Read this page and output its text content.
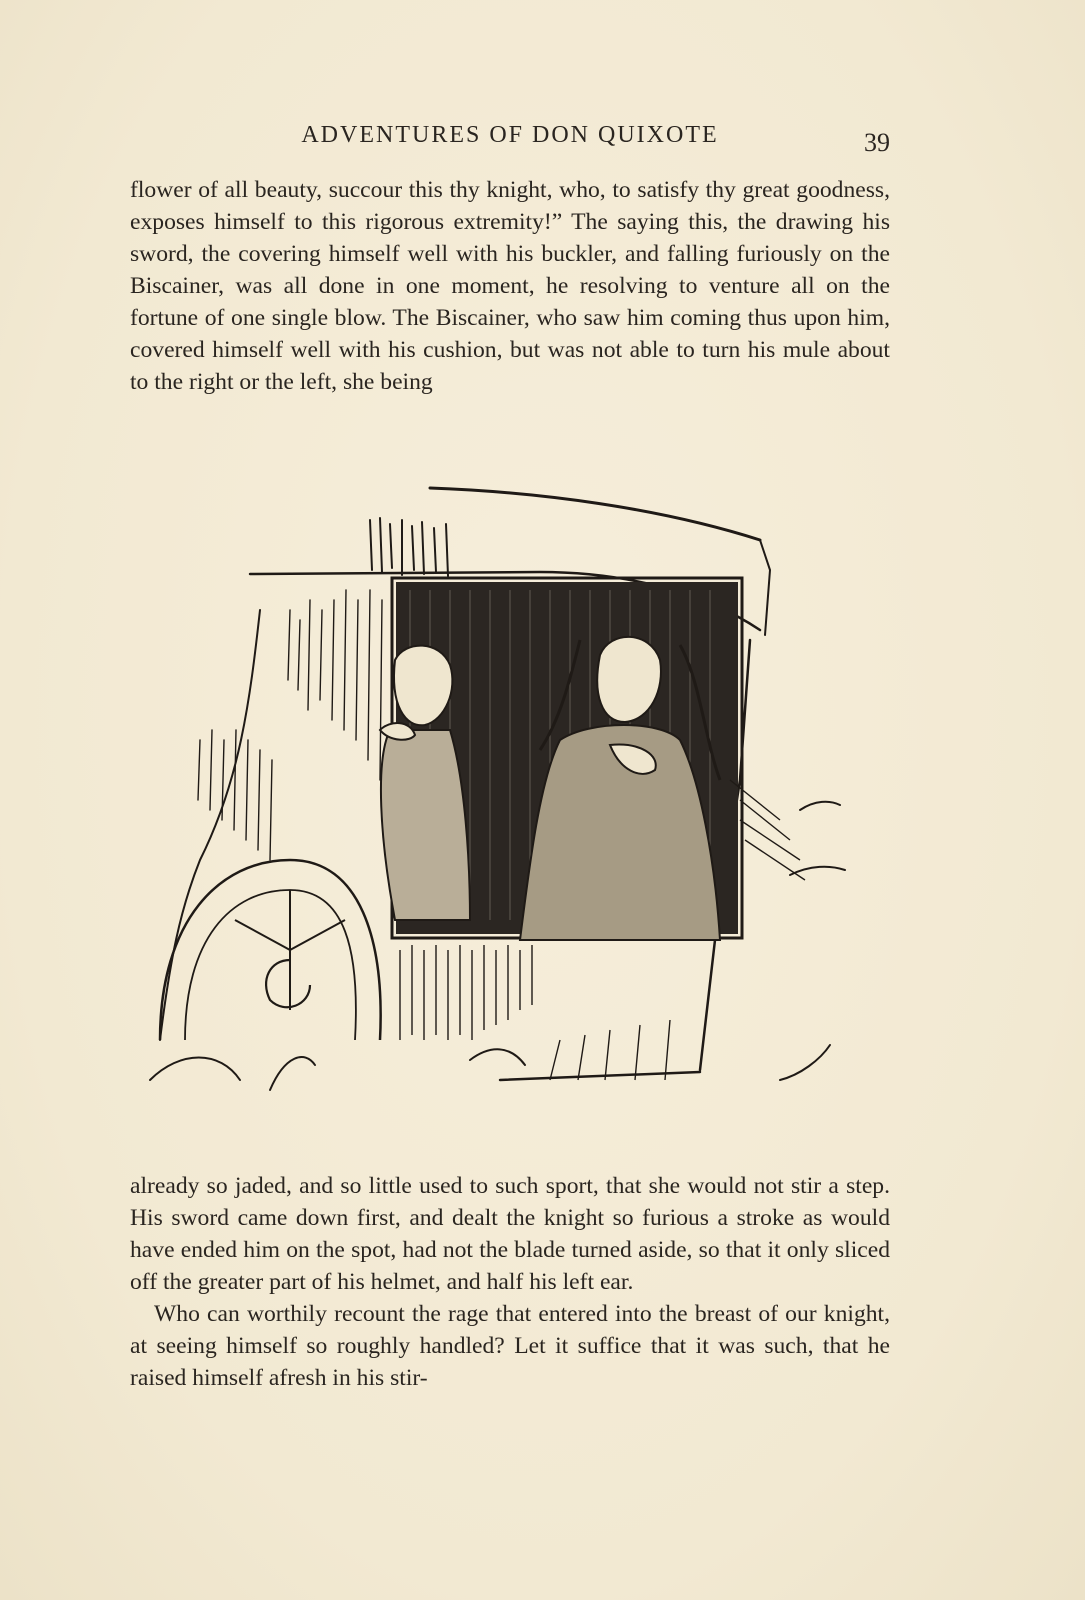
ADVENTURES OF DON QUIXOTE	39

flower of all beauty, succour this thy knight, who, to satisfy thy great goodness, exposes himself to this rigorous extremity!” The saying this, the drawing his sword, the covering himself well with his buckler, and falling furiously on the Biscainer, was all done in one moment, he resolving to venture all on the fortune of one single blow. The Biscainer, who saw him coming thus upon him, covered himself well with his cushion, but was not able to turn his mule about to the right or the left, she being

already so jaded, and so little used to such sport, that she would not stir a step. His sword came down first, and dealt the knight so furious a stroke as would have ended him on the spot, had not the blade turned aside, so that it only sliced off the greater part of his helmet, and half his left ear.

Who can worthily recount the rage that entered into the breast of our knight, at seeing himself so roughly handled? Let it suffice that it was such, that he raised himself afresh in his stir-
